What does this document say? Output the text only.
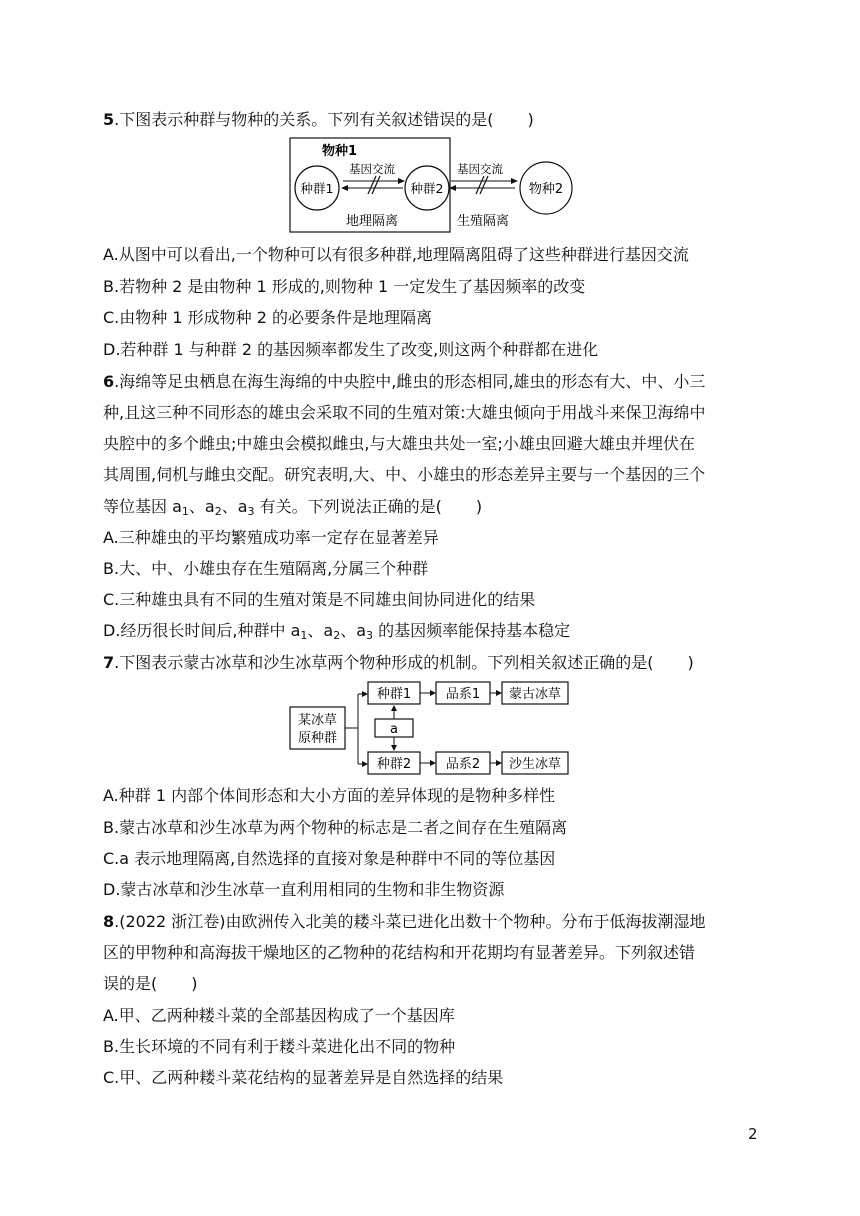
5.下图表示种群与物种的关系。下列有关叙述错误的是( )
物种1
种群1	种群2
基因交流
地理隔离
基因交流
生殖隔离
物种2
A.从图中可以看出,一个物种可以有很多种群,地理隔离阻碍了这些种群进行基因交流
B.若物种 2 是由物种 1 形成的,则物种 1 一定发生了基因频率的改变
C.由物种 1 形成物种 2 的必要条件是地理隔离
D.若种群 1 与种群 2 的基因频率都发生了改变,则这两个种群都在进化
6.海绵等足虫栖息在海生海绵的中央腔中,雌虫的形态相同,雄虫的形态有大、中、小三
种,且这三种不同形态的雄虫会采取不同的生殖对策:大雄虫倾向于用战斗来保卫海绵中
央腔中的多个雌虫;中雄虫会模拟雌虫,与大雄虫共处一室;小雄虫回避大雄虫并埋伏在
其周围,伺机与雌虫交配。研究表明,大、中、小雄虫的形态差异主要与一个基因的三个
等位基因 $a_1$、$a_2$、$a_3$ 有关。下列说法正确的是( )
A.三种雄虫的平均繁殖成功率一定存在显著差异
B.大、中、小雄虫存在生殖隔离,分属三个种群
C.三种雄虫具有不同的生殖对策是不同雄虫间协同进化的结果
D.经历很长时间后,种群中 $a_1$、$a_2$、$a_3$ 的基因频率能保持基本稳定
7.下图表示蒙古冰草和沙生冰草两个物种形成的机制。下列相关叙述正确的是( )
某冰草
原种群
种群1
种群2
a
品系1
品系2
蒙古冰草
沙生冰草
A.种群 1 内部个体间形态和大小方面的差异体现的是物种多样性
B.蒙古冰草和沙生冰草为两个物种的标志是二者之间存在生殖隔离
C.a 表示地理隔离,自然选择的直接对象是种群中不同的等位基因
D.蒙古冰草和沙生冰草一直利用相同的生物和非生物资源
8.(2022 浙江卷)由欧洲传入北美的耧斗菜已进化出数十个物种。分布于低海拔潮湿地
区的甲物种和高海拔干燥地区的乙物种的花结构和开花期均有显著差异。下列叙述错
误的是( )
A.甲、乙两种耧斗菜的全部基因构成了一个基因库
B.生长环境的不同有利于耧斗菜进化出不同的物种
C.甲、乙两种耧斗菜花结构的显著差异是自然选择的结果
2
